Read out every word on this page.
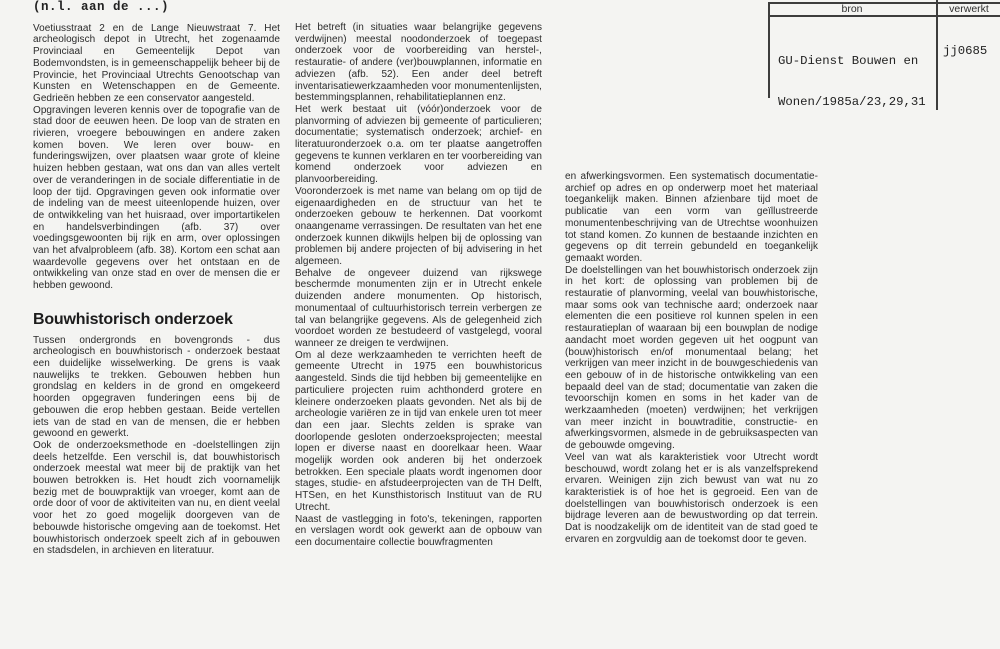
(n.l. aan de ...)

Voetiusstraat 2 en de Lange Nieuwstraat 7. Het archeologisch depot in Utrecht, het zogenaamde Provinciaal en Gemeentelijk Depot van Bodemvondsten, is in gemeenschappelijk beheer bij de Provincie, het Provinciaal Utrechts Genootschap van Kunsten en Wetenschappen en de Gemeente. Gedrieën hebben ze een conservator aangesteld.

Opgravingen leveren kennis over de topografie van de stad door de eeuwen heen. De loop van de straten en rivieren, vroegere bebouwingen en andere zaken komen boven. We leren over bouw- en funderingswijzen, over plaatsen waar grote of kleine huizen hebben gestaan, wat ons dan van alles vertelt over de veranderingen in de sociale differentiatie in de loop der tijd. Opgravingen geven ook informatie over de indeling van de meest uiteenlopende huizen, over de ontwikkeling van het huisraad, over importartikelen en handelsverbindingen (afb. 37) over voedingsgewoonten bij rijk en arm, over oplossingen van het afvalprobleem (afb. 38). Kortom een schat aan waardevolle gegevens over het ontstaan en de ontwikkeling van onze stad en over de mensen die er hebben gewoond.

Bouwhistorisch onderzoek

Tussen ondergronds en bovengronds - dus archeologisch en bouwhistorisch - onderzoek bestaat een duidelijke wisselwerking. De grens is vaak nauwelijks te trekken. Gebouwen hebben hun grondslag en kelders in de grond en omgekeerd hoorden opgegraven funderingen eens bij de gebouwen die erop hebben gestaan. Beide vertellen iets van de stad en van de mensen, die er hebben gewoond en gewerkt.

Ook de onderzoeksmethode en -doelstellingen zijn deels hetzelfde. Een verschil is, dat bouwhistorisch onderzoek meestal wat meer bij de praktijk van het bouwen betrokken is. Het houdt zich voornamelijk bezig met de bouwpraktijk van vroeger, komt aan de orde door of voor de aktiviteiten van nu, en dient veelal voor het zo goed mogelijk doorgeven van de bebouwde historische omgeving aan de toekomst. Het bouwhistorisch onderzoek speelt zich af in gebouwen en stadsdelen, in archieven en literatuur.

Het betreft (in situaties waar belangrijke gegevens verdwijnen) meestal noodonderzoek of toegepast onderzoek voor de voorbereiding van herstel-, restauratie- of andere (ver)bouwplannen, informatie en adviezen (afb. 52). Een ander deel betreft inventarisatiewerkzaamheden voor monumentenlijsten, bestemmingsplannen, rehabilitatieplannen enz.

Het werk bestaat uit (vóór)onderzoek voor de planvorming of adviezen bij gemeente of particulieren; documentatie; systematisch onderzoek; archief- en literatuuronderzoek o.a. om ter plaatse aangetroffen gegevens te kunnen verklaren en ter voorbereiding van komend onderzoek voor adviezen en planvoorbereiding.

Vooronderzoek is met name van belang om op tijd de eigenaardigheden en de structuur van het te onderzoeken gebouw te herkennen. Dat voorkomt onaangename verrassingen. De resultaten van het ene onderzoek kunnen dikwijls helpen bij de oplossing van problemen bij andere projecten of bij advisering in het algemeen.

Behalve de ongeveer duizend van rijkswege beschermde monumenten zijn er in Utrecht enkele duizenden andere monumenten. Op historisch, monumentaal of cultuurhistorisch terrein verbergen ze tal van belangrijke gegevens. Als de gelegenheid zich voordoet worden ze bestudeerd of vastgelegd, vooral wanneer ze dreigen te verdwijnen.

Om al deze werkzaamheden te verrichten heeft de gemeente Utrecht in 1975 een bouwhistoricus aangesteld. Sinds die tijd hebben bij gemeentelijke en particuliere projecten ruim achthonderd grotere en kleinere onderzoeken plaats gevonden. Net als bij de archeologie variëren ze in tijd van enkele uren tot meer dan een jaar. Slechts zelden is sprake van doorlopende gesloten onderzoeksprojecten; meestal lopen er diverse naast en doorelkaar heen. Waar mogelijk worden ook anderen bij het onderzoek betrokken. Een speciale plaats wordt ingenomen door stages, studie- en afstudeerprojecten van de TH Delft, HTSen, en het Kunsthistorisch Instituut van de RU Utrecht.

Naast de vastlegging in foto's, tekeningen, rapporten en verslagen wordt ook gewerkt aan de opbouw van een documentaire collectie bouwfragmenten

en afwerkingsvormen. Een systematisch documentatie-archief op adres en op onderwerp moet het materiaal toegankelijk maken. Binnen afzienbare tijd moet de publicatie van een vorm van geïllustreerde monumentenbeschrijving van de Utrechtse woonhuizen tot stand komen. Zo kunnen de bestaande inzichten en gegevens op dit terrein gebundeld en toegankelijk gemaakt worden.

De doelstellingen van het bouwhistorisch onderzoek zijn in het kort: de oplossing van problemen bij de restauratie of planvorming, veelal van bouwhistorische, maar soms ook van technische aard; onderzoek naar elementen die een positieve rol kunnen spelen in een restauratieplan of waaraan bij een bouwplan de nodige aandacht moet worden gegeven uit het oogpunt van (bouw)historisch en/of monumentaal belang; het verkrijgen van meer inzicht in de bouwgeschiedenis van een gebouw of in de historische ontwikkeling van een bepaald deel van de stad; documentatie van zaken die tevoorschijn komen en soms in het kader van de werkzaamheden (moeten) verdwijnen; het verkrijgen van meer inzicht in bouwtraditie, constructie- en afwerkingsvormen, alsmede in de gebruiksaspecten van de gebouwde omgeving.

Veel van wat als karakteristiek voor Utrecht wordt beschouwd, wordt zolang het er is als vanzelfsprekend ervaren. Weinigen zijn zich bewust van wat nu zo karakteristiek is of hoe het is gegroeid. Een van de doelstellingen van bouwhistorisch onderzoek is een bijdrage leveren aan de bewustwording op dat terrein. Dat is noodzakelijk om de identiteit van de stad goed te ervaren en zorgvuldig aan de toekomst door te geven.

bron	verwerkt

GU-Dienst Bouwen en

Wonen/1985a/23,29,31

jj0685
